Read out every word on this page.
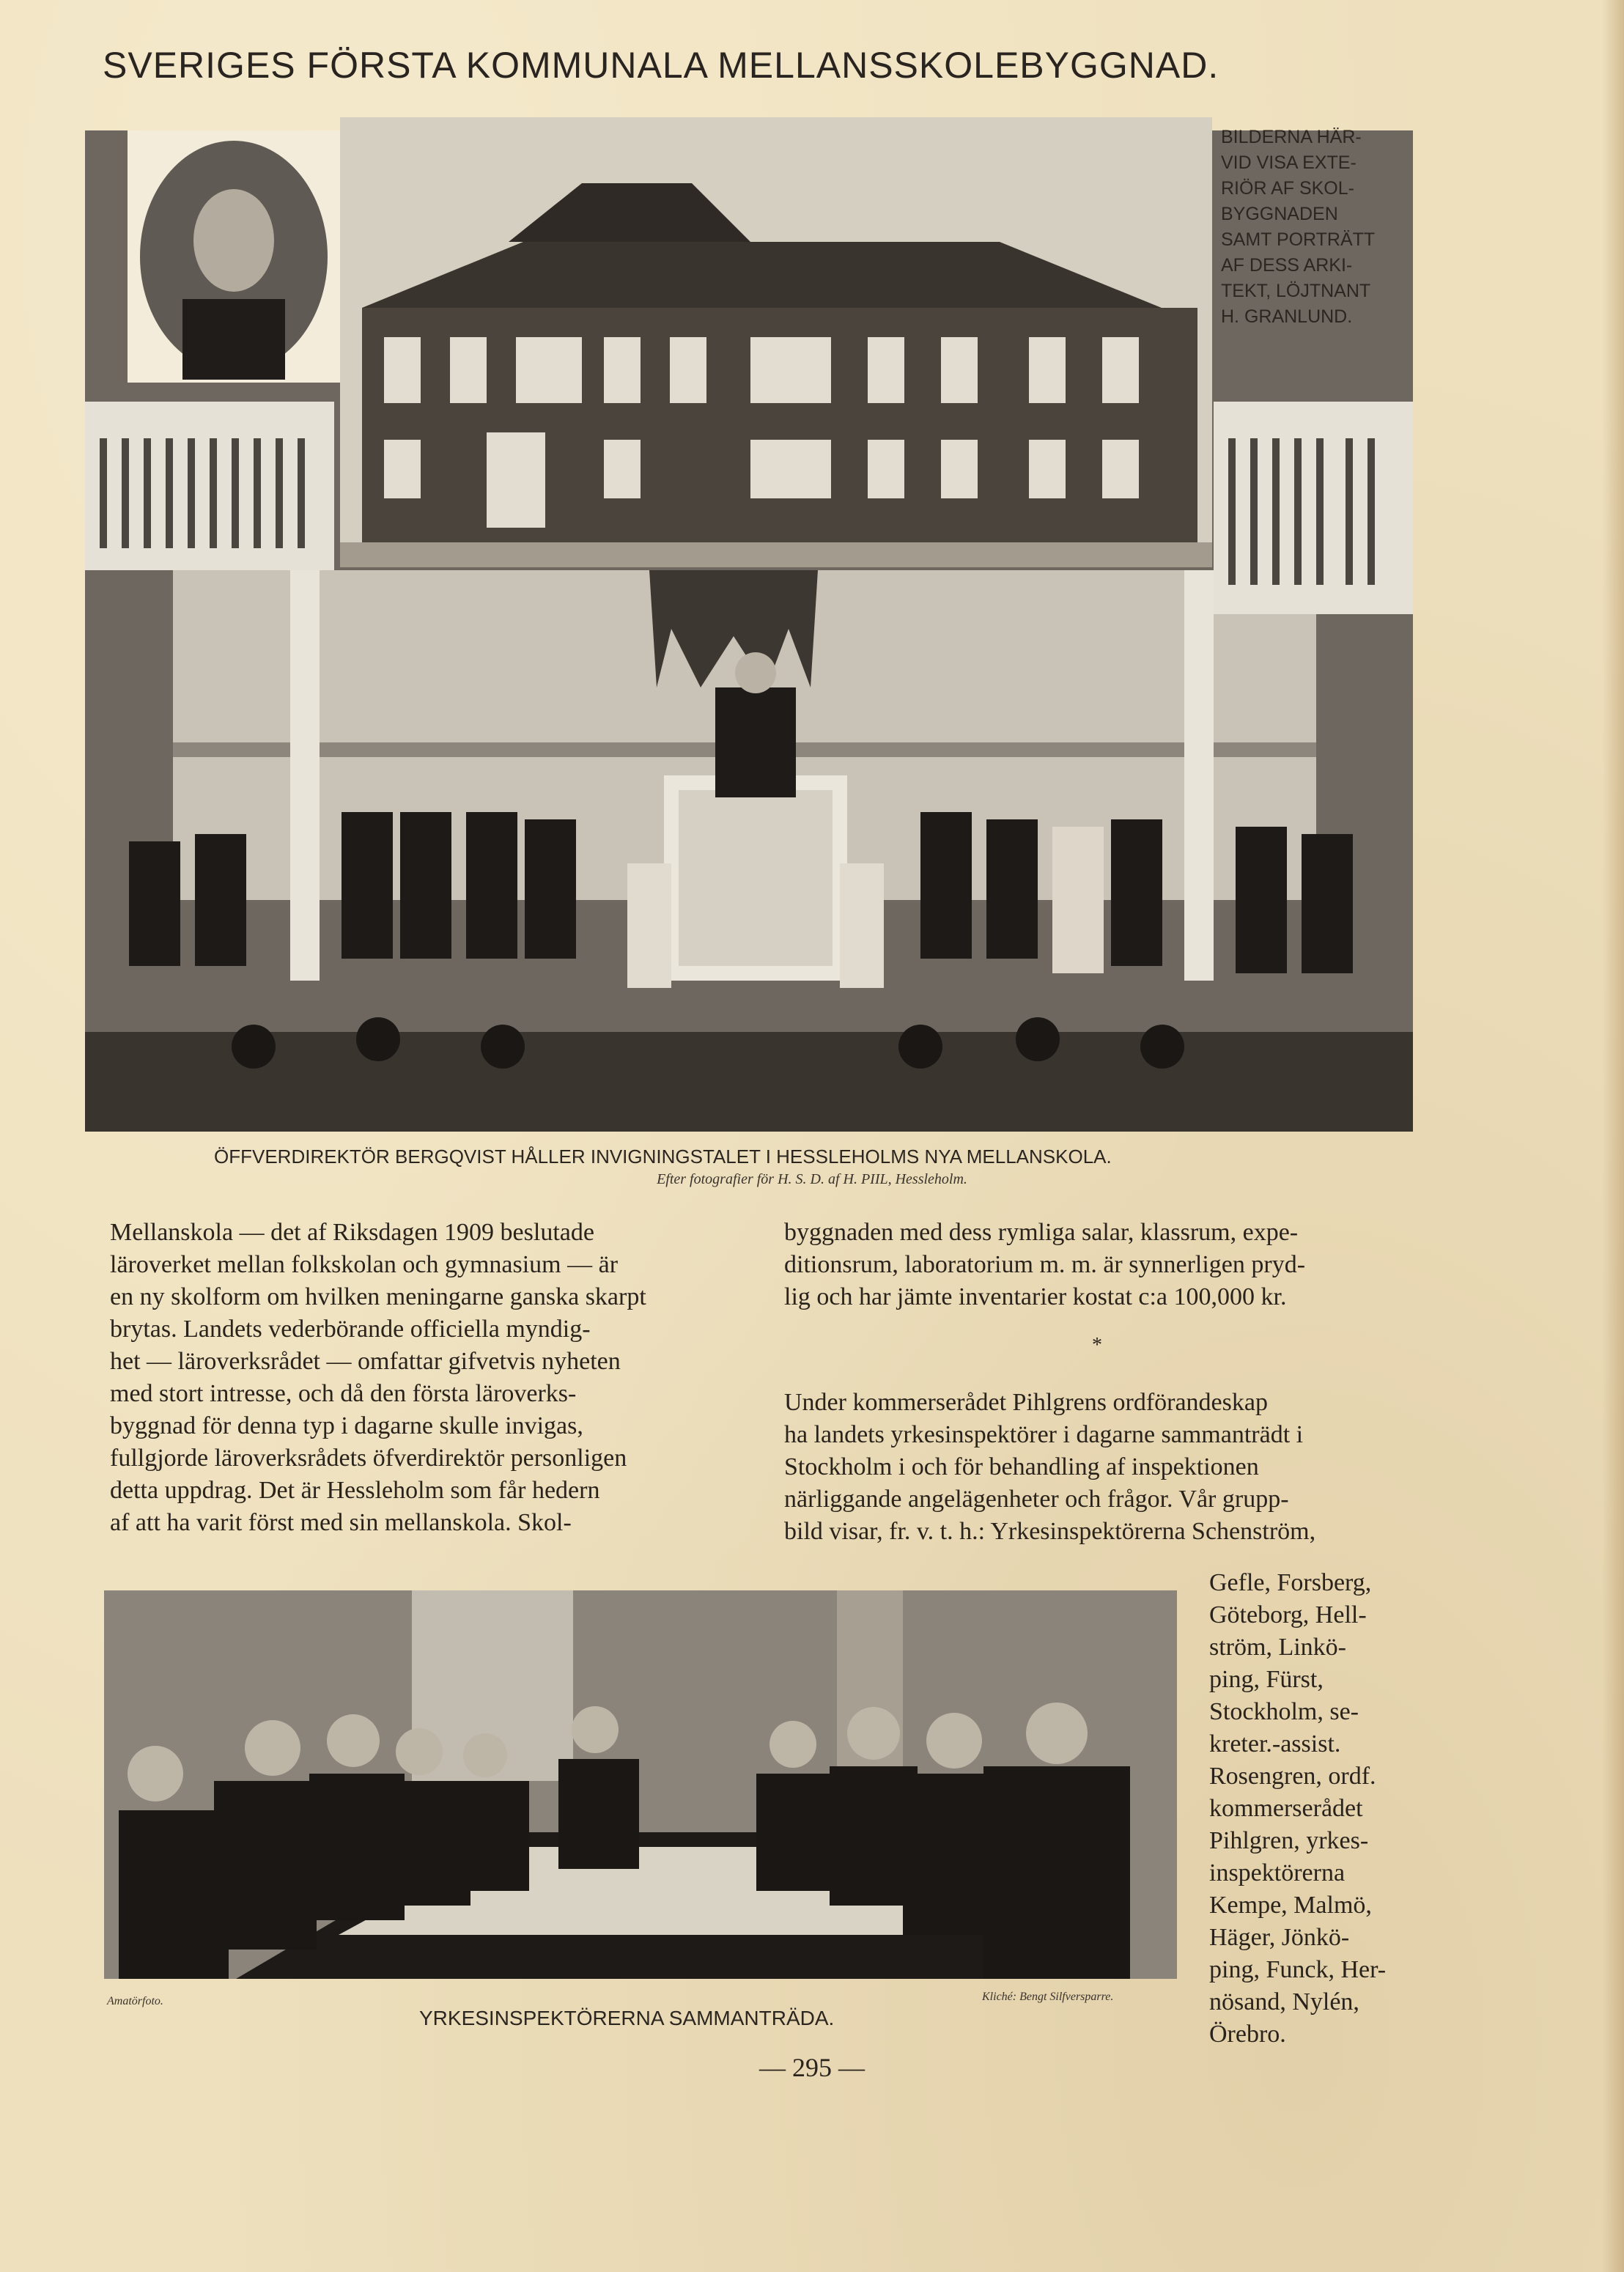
SVERIGES FÖRSTA KOMMUNALA MELLANSSKOLEBYGGNAD.
BILDERNA HÄR-
VID VISA EXTE-
RIÖR AF SKOL-
BYGGNADEN
SAMT PORTRÄTT
AF DESS ARKI-
TEKT, LÖJTNANT
H. GRANLUND.
ÖFFVERDIREKTÖR BERGQVIST HÅLLER INVIGNINGSTALET I HESSLEHOLMS NYA MELLANSKOLA.
Efter fotografier för H. S. D. af H. PIIL, Hessleholm.
Mellanskola — det af Riksdagen 1909 beslutade
läroverket mellan folkskolan och gymnasium — är
en ny skolform om hvilken meningarne ganska skarpt
brytas. Landets vederbörande officiella myndig-
het — läroverksrådet — omfattar gifvetvis nyheten
med stort intresse, och då den första läroverks-
byggnad för denna typ i dagarne skulle invigas,
fullgjorde läroverksrådets öfverdirektör personligen
detta uppdrag. Det är Hessleholm som får hedern
af att ha varit först med sin mellanskola. Skol-
byggnaden med dess rymliga salar, klassrum, expe-
ditionsrum, laboratorium m. m. är synnerligen pryd-
lig och har jämte inventarier kostat c:a 100,000 kr.
*
Under kommerserådet Pihlgrens ordförandeskap
ha landets yrkesinspektörer i dagarne sammanträdt i
Stockholm i och för behandling af inspektionen
närliggande angelägenheter och frågor. Vår grupp-
bild visar, fr. v. t. h.: Yrkesinspektörerna Schenström,
Amatörfoto.	Kliché: Bengt Silfversparre.
YRKESINSPEKTÖRERNA SAMMANTRÄDA.
Gefle, Forsberg,
Göteborg, Hell-
ström, Linkö-
ping, Fürst,
Stockholm, se-
kreter.-assist.
Rosengren, ordf.
kommerserådet
Pihlgren, yrkes-
inspektörerna
Kempe, Malmö,
Häger, Jönkö-
ping, Funck, Her-
nösand, Nylén,
Örebro.
— 295 —
